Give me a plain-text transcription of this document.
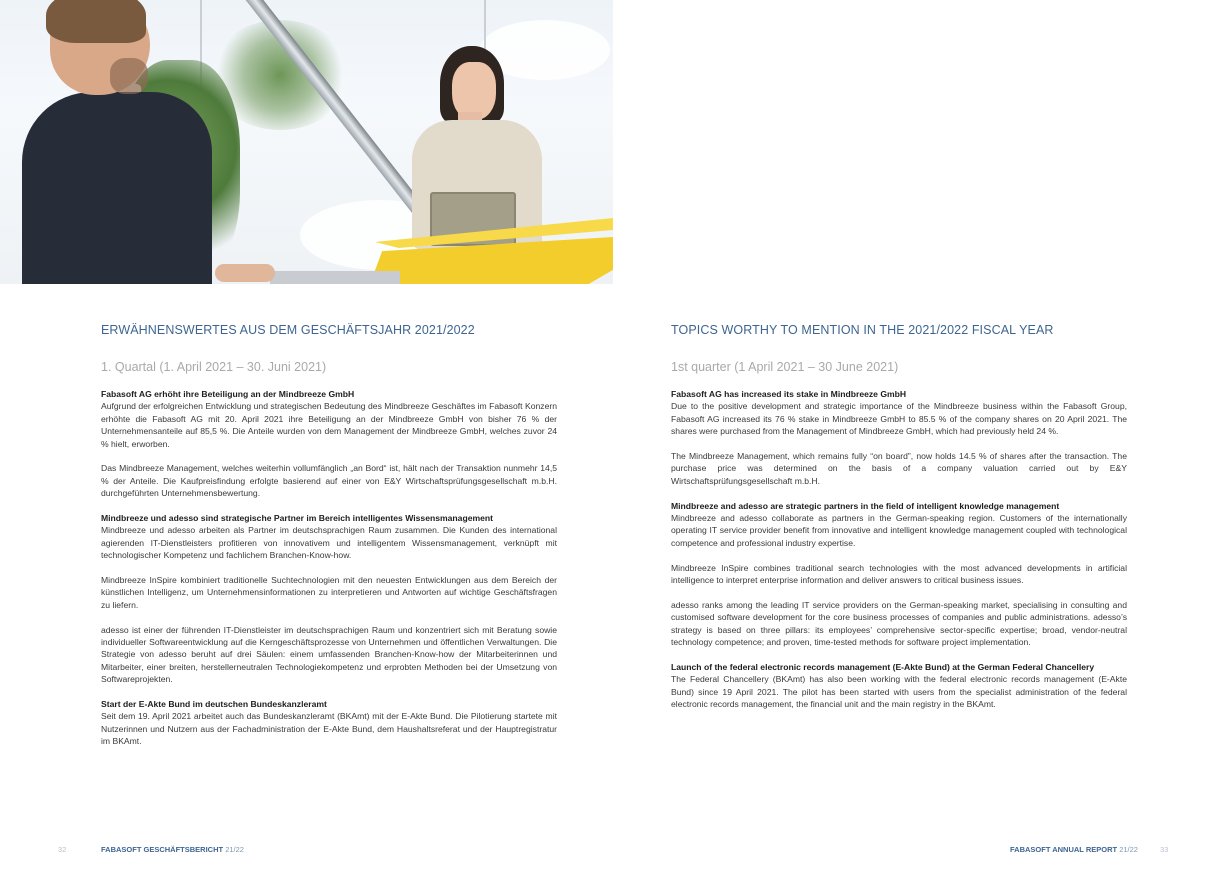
ERWÄHNENSWERTES AUS DEM GESCHÄFTSJAHR 2021/2022
1. Quartal (1. April 2021 – 30. Juni 2021)
Fabasoft AG erhöht ihre Beteiligung an der Mindbreeze GmbH

Aufgrund der erfolgreichen Entwicklung und strategischen Bedeutung des Mindbreeze Geschäftes im Fabasoft Konzern erhöhte die Fabasoft AG mit 20. April 2021 ihre Beteiligung an der Mindbreeze GmbH von bisher 76 % der Unternehmensanteile auf 85,5 %. Die Anteile wurden von dem Management der Mindbreeze GmbH, welches zuvor 24 % hielt, erworben.

Das Mindbreeze Management, welches weiterhin vollumfänglich „an Bord“ ist, hält nach der Transaktion nunmehr 14,5 % der Anteile. Die Kaufpreisfindung erfolgte basierend auf einer von E&Y Wirtschaftsprüfungsgesellschaft m.b.H. durchgeführten Unternehmensbewertung.

Mindbreeze und adesso sind strategische Partner im Bereich intelligentes Wissensmanagement

Mindbreeze und adesso arbeiten als Partner im deutschsprachigen Raum zusammen. Die Kunden des international agierenden IT-Dienstleisters profitieren von innovativem und intelligentem Wissensmanagement, verknüpft mit technologischer Kompetenz und fachlichem Branchen-Know-how.

Mindbreeze InSpire kombiniert traditionelle Suchtechnologien mit den neuesten Entwicklungen aus dem Bereich der künstlichen Intelligenz, um Unternehmensinformationen zu interpretieren und Antworten auf wichtige Geschäftsfragen zu liefern.

adesso ist einer der führenden IT-Dienstleister im deutschsprachigen Raum und konzentriert sich mit Beratung sowie individueller Softwareentwicklung auf die Kerngeschäftsprozesse von Unternehmen und öffentlichen Verwaltungen. Die Strategie von adesso beruht auf drei Säulen: einem umfassenden Branchen-Know-how der Mitarbeiterinnen und Mitarbeiter, einer breiten, herstellerneutralen Technologiekompetenz und erprobten Methoden bei der Umsetzung von Softwareprojekten.

Start der E-Akte Bund im deutschen Bundeskanzleramt

Seit dem 19. April 2021 arbeitet auch das Bundeskanzleramt (BKAmt) mit der E-Akte Bund. Die Pilotierung startete mit Nutzerinnen und Nutzern aus der Fachadministration der E-Akte Bund, dem Haushaltsreferat und der Hauptregistratur im BKAmt.

32	FABASOFT GESCHÄFTSBERICHT 21/22
TOPICS WORTHY TO MENTION IN THE 2021/2022 FISCAL YEAR
1st quarter (1 April 2021 – 30 June 2021)
Fabasoft AG has increased its stake in Mindbreeze GmbH

Due to the positive development and strategic importance of the Mindbreeze business within the Fabasoft Group, Fabasoft AG increased its 76 % stake in Mindbreeze GmbH to 85.5 % of the company shares on 20 April 2021. The shares were purchased from the Management of Mindbreeze GmbH, which had previously held 24 %.

The Mindbreeze Management, which remains fully “on board”, now holds 14.5 % of shares after the transaction. The purchase price was determined on the basis of a company valuation carried out by E&Y Wirtschaftsprüfungsgesellschaft m.b.H.

Mindbreeze and adesso are strategic partners in the field of intelligent knowledge management

Mindbreeze and adesso collaborate as partners in the German-speaking region. Customers of the internationally operating IT service provider benefit from innovative and intelligent knowledge management coupled with technological competence and professional industry expertise.

Mindbreeze InSpire combines traditional search technologies with the most advanced developments in artificial intelligence to interpret enterprise information and deliver answers to critical business issues.

adesso ranks among the leading IT service providers on the German-speaking market, specialising in consulting and customised software development for the core business processes of companies and public administrations. adesso’s strategy is based on three pillars: its employees’ comprehensive sector-specific expertise; broad, vendor-neutral technology competence; and proven, time-tested methods for software project implementation.

Launch of the federal electronic records management (E-Akte Bund) at the German Federal Chancellery

The Federal Chancellery (BKAmt) has also been working with the federal electronic records management (E-Akte Bund) since 19 April 2021. The pilot has been started with users from the specialist administration of the federal electronic records management, the financial unit and the main registry in the BKAmt.

FABASOFT ANNUAL REPORT 21/22	33
